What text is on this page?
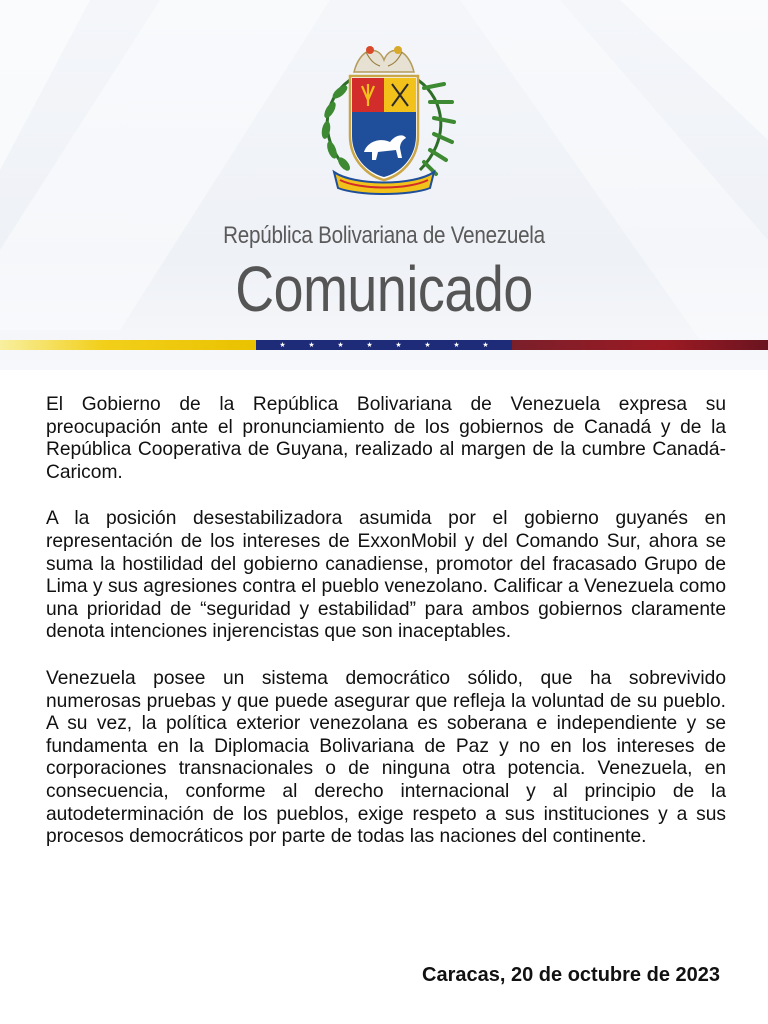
República Bolivariana de Venezuela
Comunicado
★	★	★	★	★	★	★	★

El Gobierno de la República Bolivariana de Venezuela expresa su preocupación ante el pronunciamiento de los gobiernos de Canadá y de la República Cooperativa de Guyana, realizado al margen de la cumbre Canadá-Caricom.

A la posición desestabilizadora asumida por el gobierno guyanés en representación de los intereses de ExxonMobil y del Comando Sur, ahora se suma la hostilidad del gobierno canadiense, promotor del fracasado Grupo de Lima y sus agresiones contra el pueblo venezolano. Calificar a Venezuela como una prioridad de “seguridad y estabilidad” para ambos gobiernos claramente denota intenciones injerencistas que son inaceptables.

Venezuela posee un sistema democrático sólido, que ha sobrevivido numerosas pruebas y que puede asegurar que refleja la voluntad de su pueblo. A su vez, la política exterior venezolana es soberana e independiente y se fundamenta en la Diplomacia Bolivariana de Paz y no en los intereses de corporaciones transnacionales o de ninguna otra potencia. Venezuela, en consecuencia, conforme al derecho internacional y al principio de la autodeterminación de los pueblos, exige respeto a sus instituciones y a sus procesos democráticos por parte de todas las naciones del continente.

Caracas, 20 de octubre de 2023
